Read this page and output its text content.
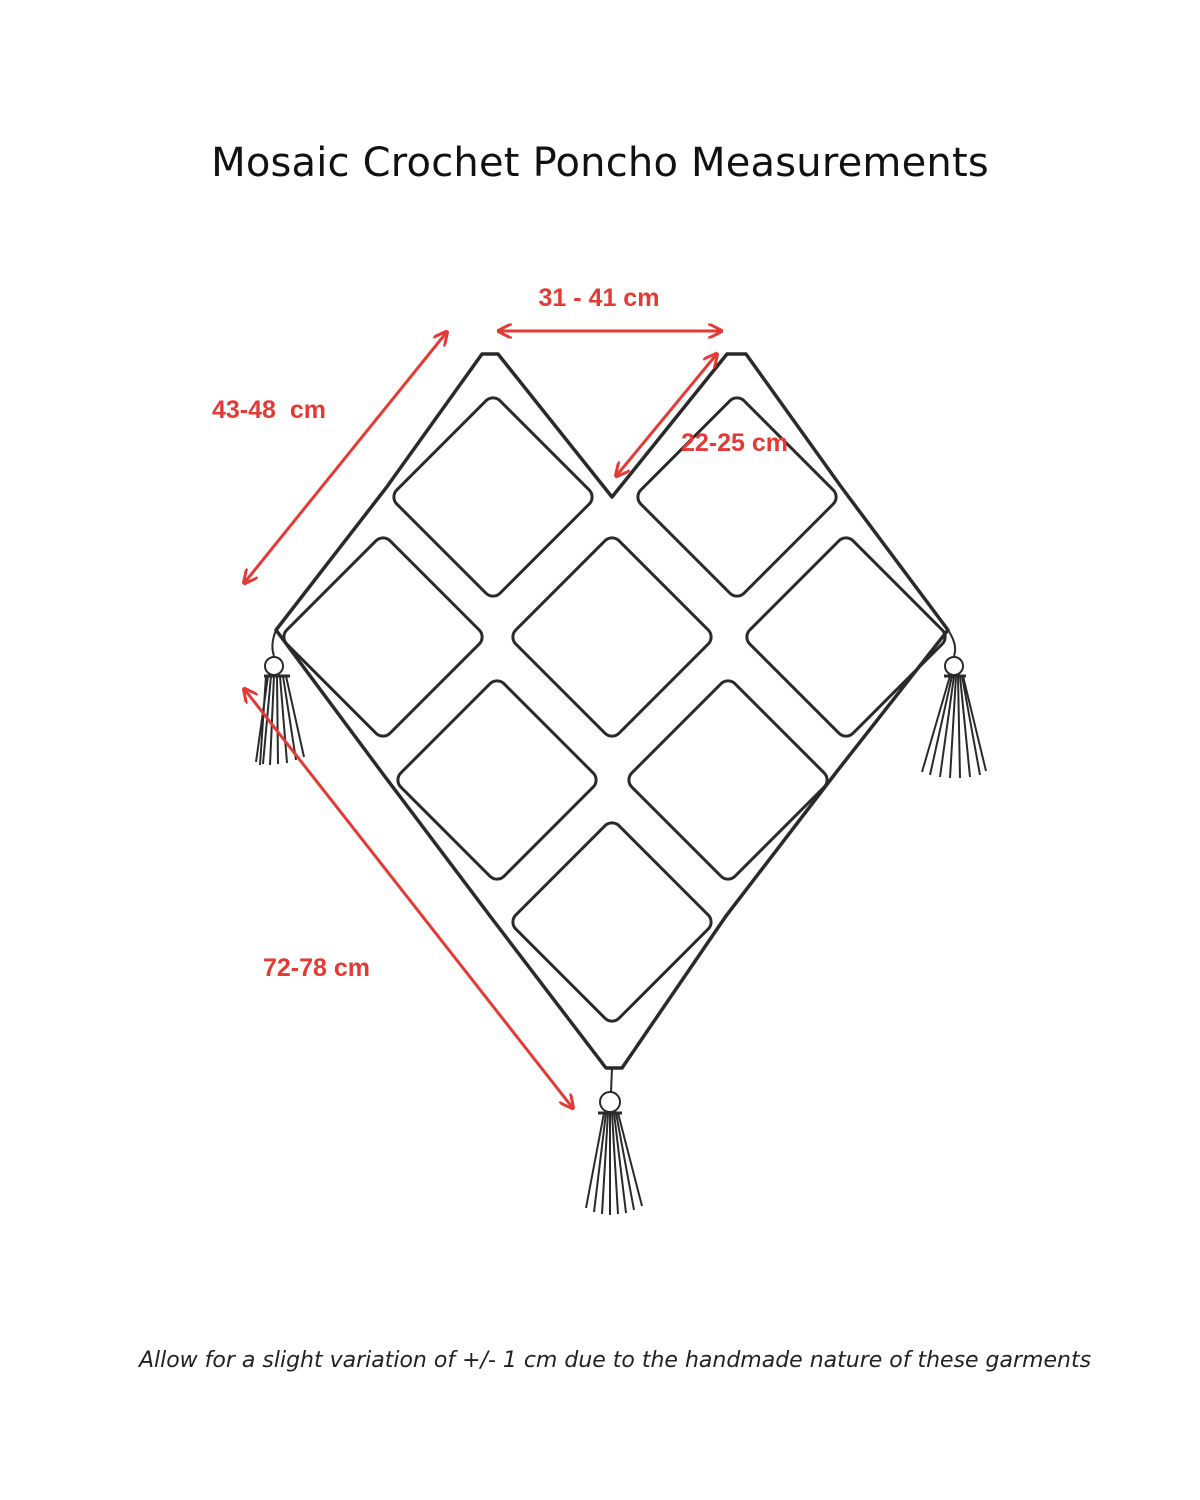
Mosaic Crochet Poncho Measurements
31 - 41 cm
43-48  cm
22-25 cm
72-78 cm
Allow for a slight variation of +/- 1 cm due to the handmade nature of these garments
